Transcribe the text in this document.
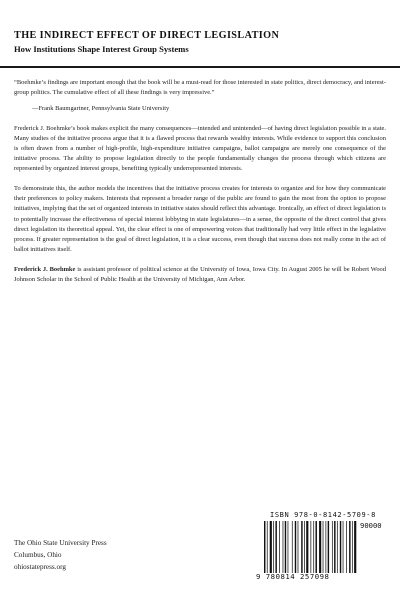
THE INDIRECT EFFECT OF DIRECT LEGISLATION
How Institutions Shape Interest Group Systems

“Boehmke’s findings are important enough that the book will be a must-read for those interested in state politics, direct democracy, and interest-group politics. The cumulative effect of all these findings is very impressive.”

—Frank Baumgartner, Pennsylvania State University

Frederick J. Boehmke’s book makes explicit the many consequences—intended and unintended—of having direct legislation possible in a state. Many studies of the initiative process argue that it is a flawed process that rewards wealthy interests. While evidence to support this conclusion is often drawn from a number of high-profile, high-expenditure initiative campaigns, ballot campaigns are merely one consequence of the initiative process. The ability to propose legislation directly to the people fundamentally changes the process through which citizens are represented by organized interest groups, benefiting typically underrepresented interests.

To demonstrate this, the author models the incentives that the initiative process creates for interests to organize and for how they communicate their preferences to policy makers. Interests that represent a broader range of the public are found to gain the most from the option to propose initiatives, implying that the set of organized interests in initiative states should reflect this advantage. Ironically, an effect of direct legislation is to potentially increase the effectiveness of special interest lobbying in state legislatures—in a sense, the opposite of the direct control that gives direct legislation its theoretical appeal. Yet, the clear effect is one of empowering voices that traditionally had very little effect in the legislative process. If greater representation is the goal of direct legislation, it is a clear success, even though that success does not really come in the act of ballot initiatives itself.

Frederick J. Boehmke is assistant professor of political science at the University of Iowa, Iowa City. In August 2005 he will be Robert Wood Johnson Scholar in the School of Public Health at the University of Michigan, Ann Arbor.

The Ohio State University Press
Columbus, Ohio
ohiostatepress.org
ISBN 978-0-8142-5709-8
90000
9 780814 257098
